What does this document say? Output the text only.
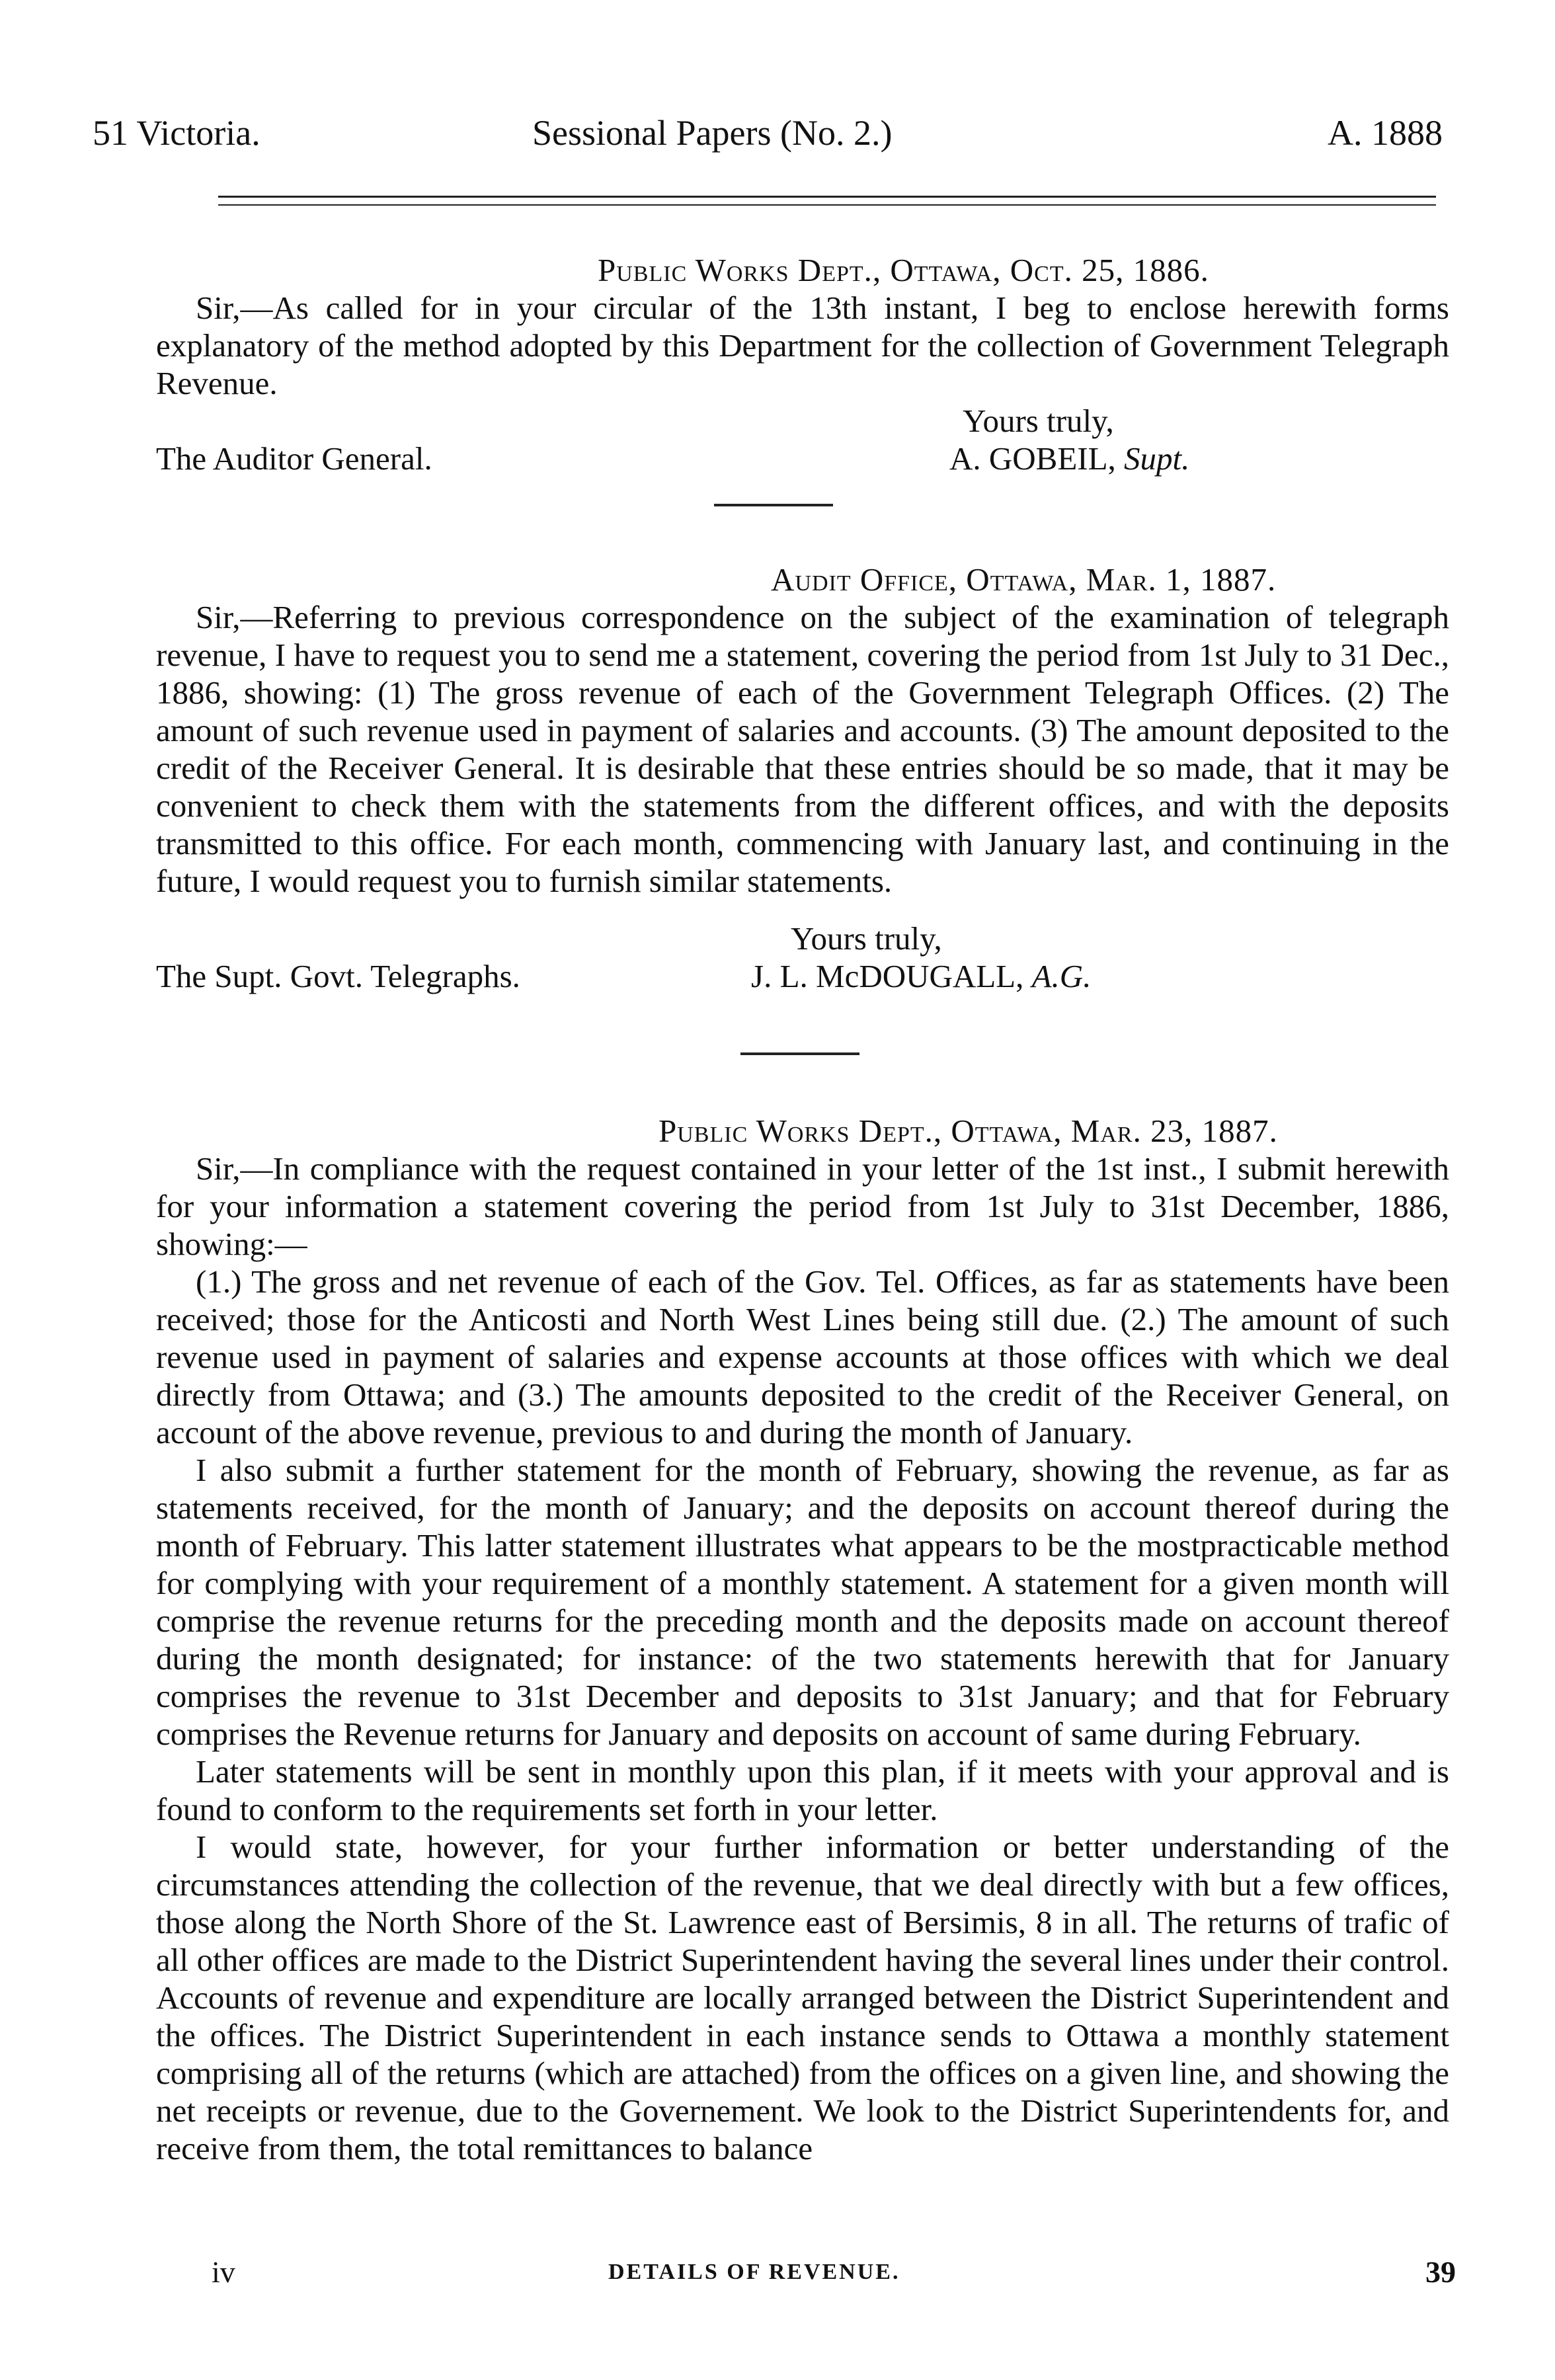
51 Victoria.	Sessional Papers (No. 2.)	A. 1888

Public Works Dept., Ottawa, Oct. 25, 1886.

Sir,—As called for in your circular of the 13th instant, I beg to enclose herewith forms explanatory of the method adopted by this Department for the collection of Government Telegraph Revenue.

Yours truly,
The Auditor General.	A. GOBEIL, Supt.

Audit Office, Ottawa, Mar. 1, 1887.

Sir,—Referring to previous correspondence on the subject of the examination of telegraph revenue, I have to request you to send me a statement, covering the period from 1st July to 31 Dec., 1886, showing: (1) The gross revenue of each of the Government Telegraph Offices. (2) The amount of such revenue used in payment of salaries and accounts. (3) The amount deposited to the credit of the Receiver General. It is desirable that these entries should be so made, that it may be convenient to check them with the statements from the different offices, and with the deposits transmitted to this office. For each month, commencing with January last, and continuing in the future, I would request you to furnish similar statements.

Yours truly,
The Supt. Govt. Telegraphs.	J. L. McDOUGALL, A.G.

Public Works Dept., Ottawa, Mar. 23, 1887.

Sir,—In compliance with the request contained in your letter of the 1st inst., I submit herewith for your information a statement covering the period from 1st July to 31st December, 1886, showing:—

(1.) The gross and net revenue of each of the Gov. Tel. Offices, as far as statements have been received; those for the Anticosti and North West Lines being still due. (2.) The amount of such revenue used in payment of salaries and expense accounts at those offices with which we deal directly from Ottawa; and (3.) The amounts deposited to the credit of the Receiver General, on account of the above revenue, previous to and during the month of January.

I also submit a further statement for the month of February, showing the revenue, as far as statements received, for the month of January; and the deposits on account thereof during the month of February. This latter statement illustrates what appears to be the mostpracticable method for complying with your requirement of a monthly statement. A statement for a given month will comprise the revenue returns for the preceding month and the deposits made on account thereof during the month designated; for instance: of the two statements herewith that for January comprises the revenue to 31st December and deposits to 31st January; and that for February comprises the Revenue returns for January and deposits on account of same during February.

Later statements will be sent in monthly upon this plan, if it meets with your approval and is found to conform to the requirements set forth in your letter.

I would state, however, for your further information or better understanding of the circumstances attending the collection of the revenue, that we deal directly with but a few offices, those along the North Shore of the St. Lawrence east of Bersimis, 8 in all. The returns of trafic of all other offices are made to the District Superintendent having the several lines under their control. Accounts of revenue and expenditure are locally arranged between the District Superintendent and the offices. The District Superintendent in each instance sends to Ottawa a monthly statement comprising all of the returns (which are attached) from the offices on a given line, and showing the net receipts or revenue, due to the Governement. We look to the District Superintendents for, and receive from them, the total remittances to balance

iv	DETAILS OF REVENUE.	39
